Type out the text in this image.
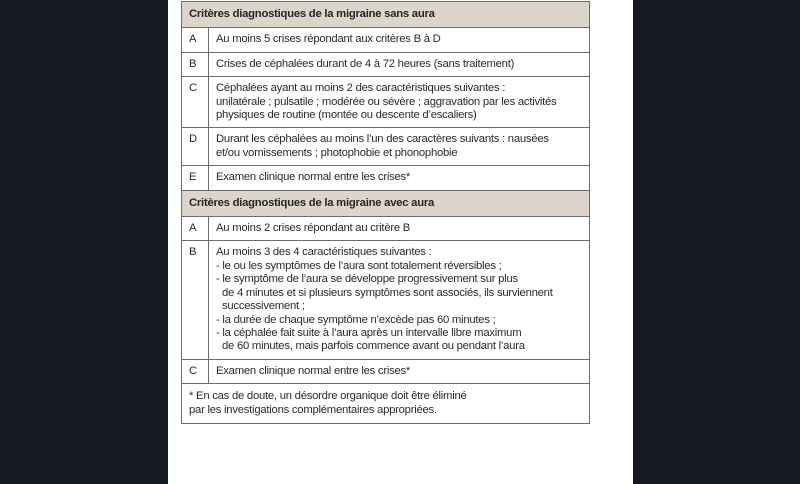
Critères diagnostiques de la migraine sans aura	
A	Au moins 5 crises répondant aux critères B à D

B	Crises de céphalées durant de 4 à 72 heures (sans traitement)

C	Céphalées ayant au moins 2 des caractéristiques suivantes :
unilatérale ; pulsatile ; modérée ou sévère ; aggravation par les activités
physiques de routine (montée ou descente d’escaliers)

D	Durant les céphalées au moins l’un des caractères suivants : nausées
et/ou vomissements ; photophobie et phonophobie

E	Examen clinique normal entre les crises*

Critères diagnostiques de la migraine avec aura	
A	Au moins 2 crises répondant au critère B

B	Au moins 3 des 4 caractéristiques suivantes :
- le ou les symptômes de l’aura sont totalement réversibles ;
- le symptôme de l’aura se développe progressivement sur plus
de 4 minutes et si plusieurs symptômes sont associés, ils surviennent
successivement ;
- la durée de chaque symptôme n’excède pas 60 minutes ;
- la céphalée fait suite à l’aura après un intervalle libre maximum
de 60 minutes, mais parfois commence avant ou pendant l’aura

C	Examen clinique normal entre les crises*

* En cas de doute, un désordre organique doit être éliminé
par les investigations complémentaires appropriées.	
